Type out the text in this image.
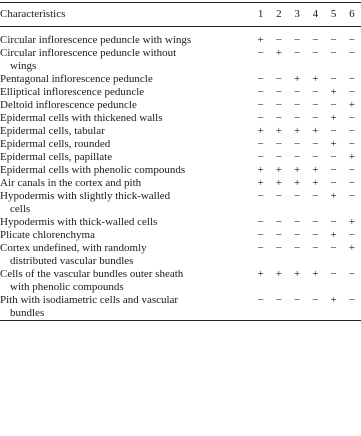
Characteristics	1	2	3	4	5	6
Circular inflorescence peduncle with wings	+	−	−	−	−	−
Circular inflorescence peduncle without
wings	−	+	−	−	−	−
Pentagonal inflorescence peduncle	−	−	+	+	−	−
Elliptical inflorescence peduncle	−	−	−	−	+	−
Deltoid inflorescence peduncle	−	−	−	−	−	+
Epidermal cells with thickened walls	−	−	−	−	+	−
Epidermal cells, tabular	+	+	+	+	−	−
Epidermal cells, rounded	−	−	−	−	+	−
Epidermal cells, papillate	−	−	−	−	−	+
Epidermal cells with phenolic compounds	+	+	+	+	−	−
Air canals in the cortex and pith	+	+	+	+	−	−
Hypodermis with slightly thick-walled
cells	−	−	−	−	+	−
Hypodermis with thick-walled cells	−	−	−	−	−	+
Plicate chlorenchyma	−	−	−	−	+	−
Cortex undefined, with randomly
distributed vascular bundles	−	−	−	−	−	+
Cells of the vascular bundles outer sheath
with phenolic compounds	+	+	+	+	−	−
Pith with isodiametric cells and vascular
bundles	−	−	−	−	+	−
